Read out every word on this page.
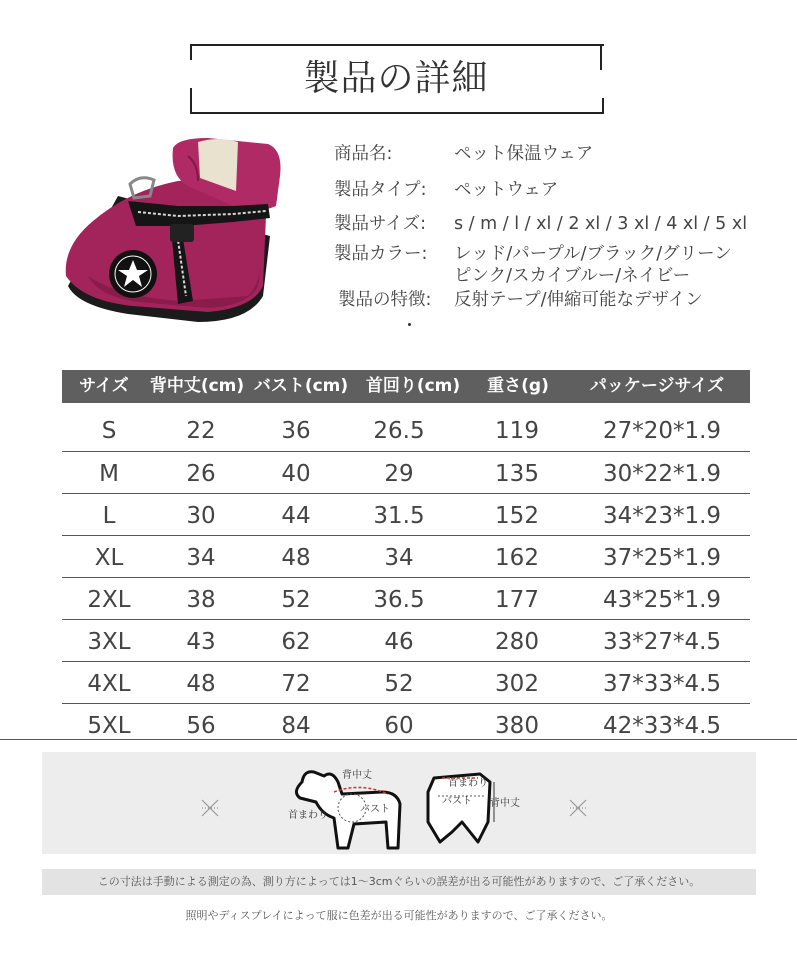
製品の詳細
商品名:	ペット保温ウェア
製品タイプ: ペットウェア
製品サイズ: s / m / l / xl / 2 xl / 3 xl / 4 xl / 5 xl
製品カラー: レッド/パープル/ブラック/グリーン
ピンク/スカイブルー/ネイビー
製品の特徴: 反射テープ/伸縮可能なデザイン
サイズ	背中丈(cm) バスト(cm)	首回り(cm)	重さ(g)	パッケージサイズ
S	22	36	26.5	119	27*20*1.9
M	26	40	29	135	30*22*1.9
L	30	44	31.5	152	34*23*1.9
XL	34	48	34	162	37*25*1.9
2XL	38	52	36.5	177	43*25*1.9
3XL	43	62	46	280	33*27*4.5
4XL	48	72	52	302	37*33*4.5
5XL	56	84	60	380	42*33*4.5
背中丈
首まわり
バスト
首まわり
バスト 背中丈
この寸法は手動による測定の為、測り方によっては1～3cmぐらいの誤差が出る可能性がありますので、ご了承ください。
照明やディスプレイによって服に色差が出る可能性がありますので、ご了承ください。
